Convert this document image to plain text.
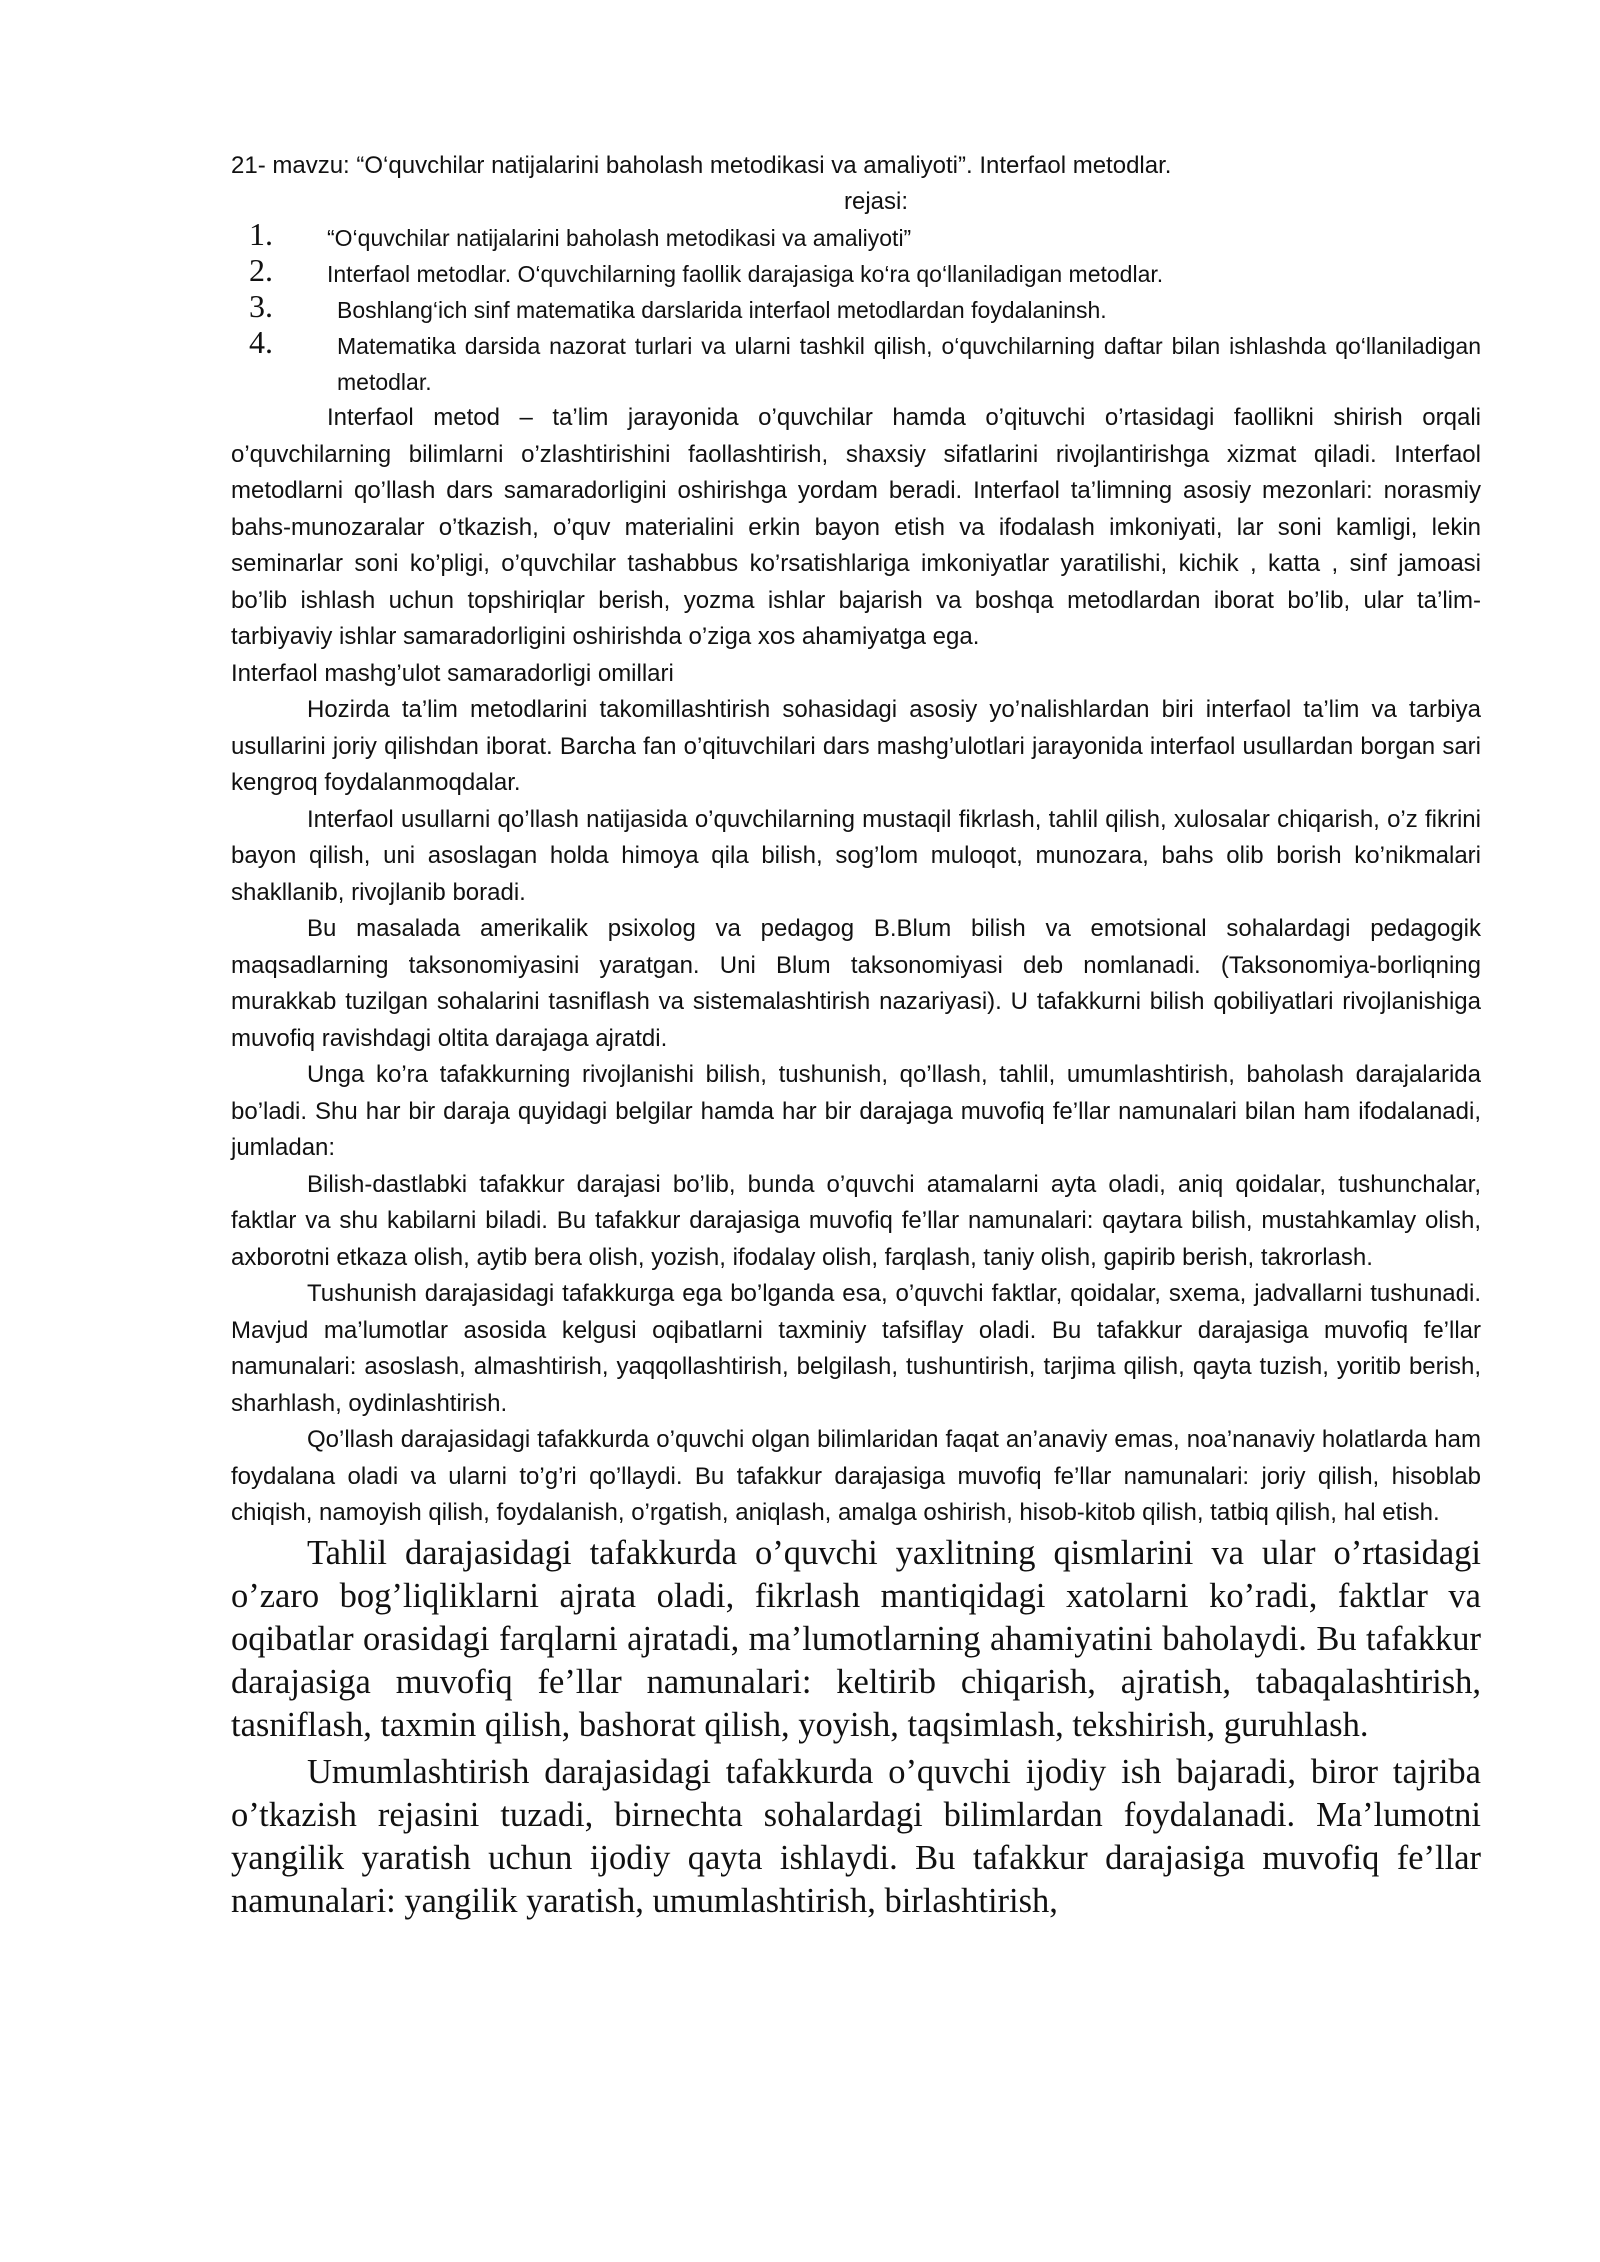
21- mavzu: “O‘quvchilar natijalarini baholash metodikasi va amaliyoti”. Interfaol metodlar.
rejasi:
1. “O‘quvchilar natijalarini baholash metodikasi va amaliyoti”
2. Interfaol metodlar. O‘quvchilarning faollik darajasiga ko‘ra qo‘llaniladigan metodlar.
3.	Boshlang‘ich sinf matematika darslarida interfaol metodlardan foydalaninsh.
4.	Matematika darsida nazorat turlari va ularni tashkil qilish, o‘quvchilarning daftar bilan ishlashda qo‘llaniladigan metodlar.

Interfaol metod – ta’lim jarayonida o’quvchilar hamda o’qituvchi o’rtasidagi faollikni shirish orqali o’quvchilarning bilimlarni o’zlashtirishini faollashtirish, shaxsiy sifatlarini rivojlantirishga xizmat qiladi. Interfaol metodlarni qo’llash dars samaradorligini oshirishga yordam beradi. Interfaol ta’limning asosiy mezonlari: norasmiy bahs-munozaralar o’tkazish, o’quv materialini erkin bayon etish va ifodalash imkoniyati, lar soni kamligi, lekin seminarlar soni ko’pligi, o’quvchilar tashabbus ko’rsatishlariga imkoniyatlar yaratilishi, kichik , katta , sinf jamoasi bo’lib ishlash uchun topshiriqlar berish, yozma ishlar bajarish va boshqa metodlardan iborat bo’lib, ular ta’lim-tarbiyaviy ishlar samaradorligini oshirishda o’ziga xos ahamiyatga ega.

Interfaol mashg’ulot samaradorligi omillari

Hozirda ta’lim metodlarini takomillashtirish sohasidagi asosiy yo’nalishlardan biri interfaol ta’lim va tarbiya usullarini joriy qilishdan iborat. Barcha fan o’qituvchilari dars mashg’ulotlari jarayonida interfaol usullardan borgan sari kengroq foydalanmoqdalar.

Interfaol usullarni qo’llash natijasida o’quvchilarning mustaqil fikrlash, tahlil qilish, xulosalar chiqarish, o’z fikrini bayon qilish, uni asoslagan holda himoya qila bilish, sog’lom muloqot, munozara, bahs olib borish ko’nikmalari shakllanib, rivojlanib boradi.

Bu masalada amerikalik psixolog va pedagog B.Blum bilish va emotsional sohalardagi pedagogik maqsadlarning taksonomiyasini yaratgan. Uni Blum taksonomiyasi deb nomlanadi. (Taksonomiya-borliqning murakkab tuzilgan sohalarini tasniflash va sistemalashtirish nazariyasi). U tafakkurni bilish qobiliyatlari rivojlanishiga muvofiq ravishdagi oltita darajaga ajratdi.

Unga ko’ra tafakkurning rivojlanishi bilish, tushunish, qo’llash, tahlil, umumlashtirish, baholash darajalarida bo’ladi. Shu har bir daraja quyidagi belgilar hamda har bir darajaga muvofiq fe’llar namunalari bilan ham ifodalanadi, jumladan:

Bilish-dastlabki tafakkur darajasi bo’lib, bunda o’quvchi atamalarni ayta oladi, aniq qoidalar, tushunchalar, faktlar va shu kabilarni biladi. Bu tafakkur darajasiga muvofiq fe’llar namunalari: qaytara bilish, mustahkamlay olish, axborotni etkaza olish, aytib bera olish, yozish, ifodalay olish, farqlash, taniy olish, gapirib berish, takrorlash.

Tushunish darajasidagi tafakkurga ega bo’lganda esa, o’quvchi faktlar, qoidalar, sxema, jadvallarni tushunadi. Mavjud ma’lumotlar asosida kelgusi oqibatlarni taxminiy tafsiflay oladi. Bu tafakkur darajasiga muvofiq fe’llar namunalari: asoslash, almashtirish, yaqqollashtirish, belgilash, tushuntirish, tarjima qilish, qayta tuzish, yoritib berish, sharhlash, oydinlashtirish.

Qo’llash darajasidagi tafakkurda o’quvchi olgan bilimlaridan faqat an’anaviy emas, noa’nanaviy holatlarda ham foydalana oladi va ularni to’g’ri qo’llaydi. Bu tafakkur darajasiga muvofiq fe’llar namunalari: joriy qilish, hisoblab chiqish, namoyish qilish, foydalanish, o’rgatish, aniqlash, amalga oshirish, hisob-kitob qilish, tatbiq qilish, hal etish.

Tahlil darajasidagi tafakkurda o’quvchi yaxlitning qismlarini va ular o’rtasidagi o’zaro bog’liqliklarni ajrata oladi, fikrlash mantiqidagi xatolarni ko’radi, faktlar va oqibatlar orasidagi farqlarni ajratadi, ma’lumotlarning ahamiyatini baholaydi. Bu tafakkur darajasiga muvofiq fe’llar namunalari: keltirib chiqarish, ajratish, tabaqalashtirish, tasniflash, taxmin qilish, bashorat qilish, yoyish, taqsimlash, tekshirish, guruhlash.

Umumlashtirish darajasidagi tafakkurda o’quvchi ijodiy ish bajaradi, biror tajriba o’tkazish rejasini tuzadi, birnechta sohalardagi bilimlardan foydalanadi. Ma’lumotni yangilik yaratish uchun ijodiy qayta ishlaydi. Bu tafakkur darajasiga muvofiq fe’llar namunalari: yangilik yaratish, umumlashtirish, birlashtirish,
